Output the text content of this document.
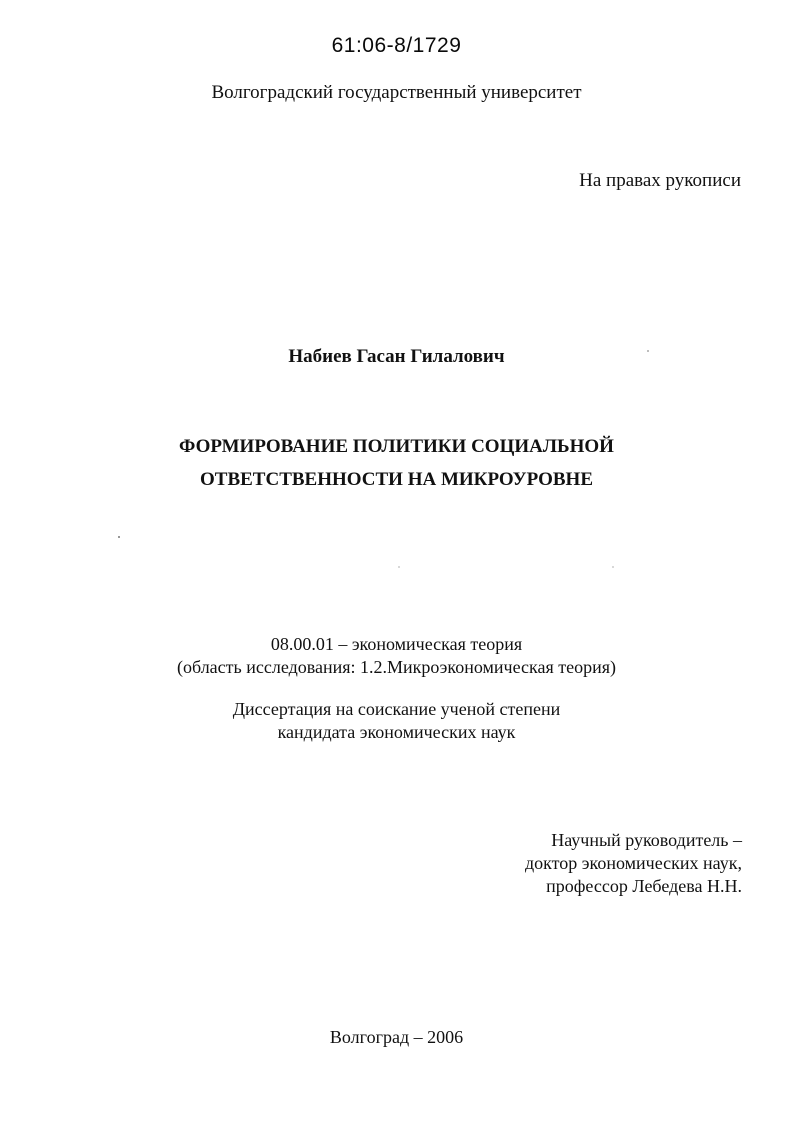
61:06-8/1729
Волгоградский государственный университет
На правах рукописи
Набиев Гасан Гилалович
ФОРМИРОВАНИЕ ПОЛИТИКИ СОЦИАЛЬНОЙ
ОТВЕТСТВЕННОСТИ НА МИКРОУРОВНЕ
08.00.01 – экономическая теория
(область исследования: 1.2.Микроэкономическая теория)
Диссертация на соискание ученой степени
кандидата экономических наук
Научный руководитель –
доктор экономических наук,
профессор Лебедева Н.Н.
Волгоград – 2006
